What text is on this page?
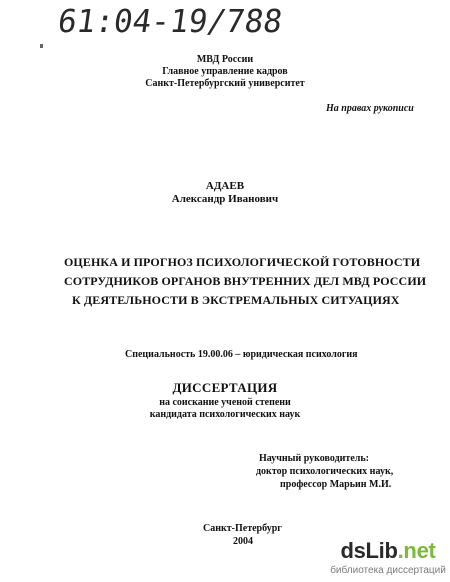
61:04-19/788
МВД России
Главное управление кадров
Санкт-Петербургский университет
На правах рукописи
АДАЕВ
Александр Иванович
ОЦЕНКА И ПРОГНОЗ ПСИХОЛОГИЧЕСКОЙ ГОТОВНОСТИ
СОТРУДНИКОВ ОРГАНОВ ВНУТРЕННИХ ДЕЛ МВД РОССИИ
К ДЕЯТЕЛЬНОСТИ В ЭКСТРЕМАЛЬНЫХ СИТУАЦИЯХ
Специальность 19.00.06 – юридическая психология
ДИССЕРТАЦИЯ
на соискание ученой степени
кандидата психологических наук
Научный руководитель:
доктор психологических наук,
профессор Марьин М.И.
Санкт-Петербург
2004	dsLib.net
библиотека диссертаций
